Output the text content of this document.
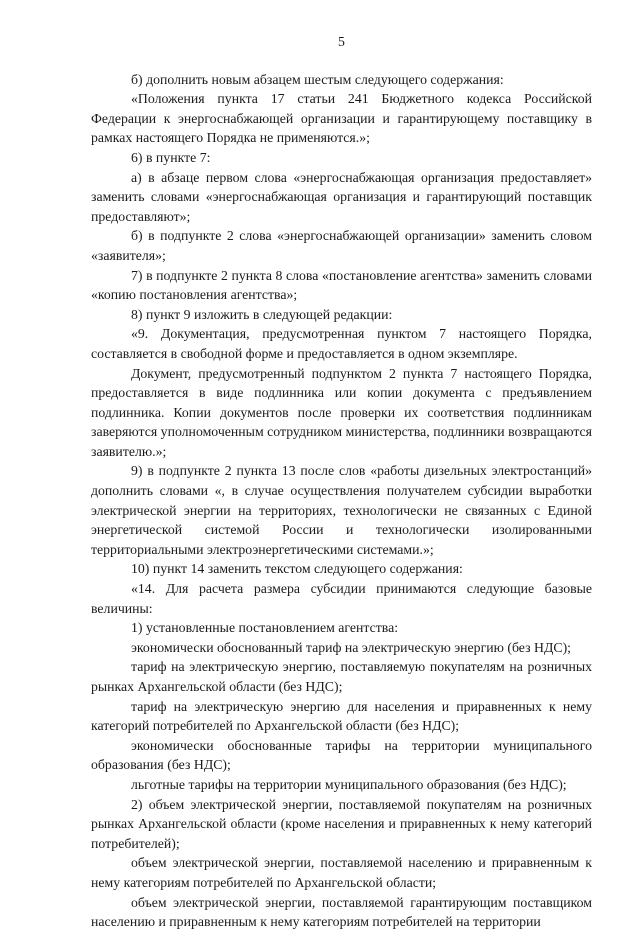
5

б) дополнить новым абзацем шестым следующего содержания:

«Положения пункта 17 статьи 241 Бюджетного кодекса Российской Федерации к энергоснабжающей организации и гарантирующему поставщику в рамках настоящего Порядка не применяются.»;

6) в пункте 7:

а) в абзаце первом слова «энергоснабжающая организация предоставляет» заменить словами «энергоснабжающая организация и гарантирующий поставщик предоставляют»;

б) в подпункте 2 слова «энергоснабжающей организации» заменить словом «заявителя»;

7) в подпункте 2 пункта 8 слова «постановление агентства» заменить словами «копию постановления агентства»;

8) пункт 9 изложить в следующей редакции:

«9. Документация, предусмотренная пунктом 7 настоящего Порядка, составляется в свободной форме и предоставляется в одном экземпляре.

Документ, предусмотренный подпунктом 2 пункта 7 настоящего Порядка, предоставляется в виде подлинника или копии документа с предъявлением подлинника. Копии документов после проверки их соответствия подлинникам заверяются уполномоченным сотрудником министерства, подлинники возвращаются заявителю.»;

9) в подпункте 2 пункта 13 после слов «работы дизельных электростанций» дополнить словами «, в случае осуществления получателем субсидии выработки электрической энергии на территориях, технологически не связанных с Единой энергетической системой России и технологически изолированными территориальными электроэнергетическими системами.»;

10) пункт 14 заменить текстом следующего содержания:

«14. Для расчета размера субсидии принимаются следующие базовые величины:

1) установленные постановлением агентства:

экономически обоснованный тариф на электрическую энергию (без НДС);

тариф на электрическую энергию, поставляемую покупателям на розничных рынках Архангельской области (без НДС);

тариф на электрическую энергию для населения и приравненных к нему категорий потребителей по Архангельской области (без НДС);

экономически обоснованные тарифы на территории муниципального образования (без НДС);

льготные тарифы на территории муниципального образования (без НДС);

2) объем электрической энергии, поставляемой покупателям на розничных рынках Архангельской области (кроме населения и приравненных к нему категорий потребителей);

объем электрической энергии, поставляемой населению и приравненным к нему категориям потребителей по Архангельской области;

объем электрической энергии, поставляемой гарантирующим поставщиком населению и приравненным к нему категориям потребителей на территории
